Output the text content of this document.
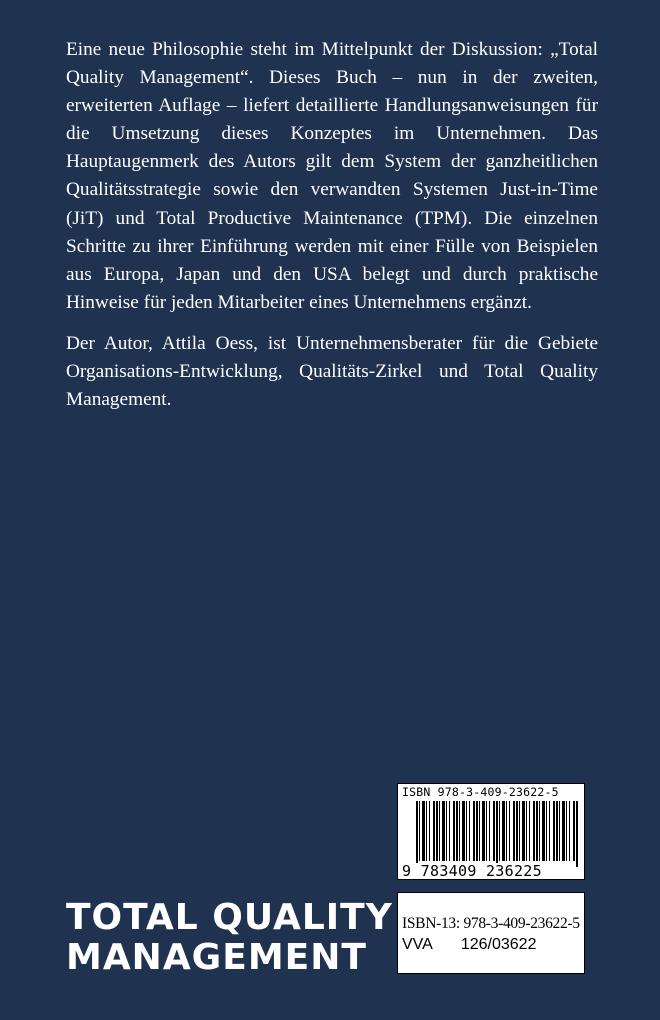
Eine neue Philosophie steht im Mittelpunkt der Diskussion: „Total Quality Management“. Dieses Buch – nun in der zweiten, erweiterten Auflage – liefert detaillierte Handlungsanweisungen für die Umsetzung dieses Konzeptes im Unternehmen. Das Hauptaugenmerk des Autors gilt dem System der ganzheitlichen Qualitätsstrategie sowie den verwandten Systemen Just-in-Time (JiT) und Total Productive Maintenance (TPM). Die einzelnen Schritte zu ihrer Einführung werden mit einer Fülle von Beispielen aus Europa, Japan und den USA belegt und durch praktische Hinweise für jeden Mitarbeiter eines Unternehmens ergänzt.

Der Autor, Attila Oess, ist Unternehmensberater für die Gebiete Organisations-Entwicklung, Qualitäts-Zirkel und Total Quality Management.

ISBN 978-3-409-23622-5
9 783409 236225
TOTAL QUALITY
MANAGEMENT
ISBN-13: 978-3-409-23622-5
VVA 126/03622
